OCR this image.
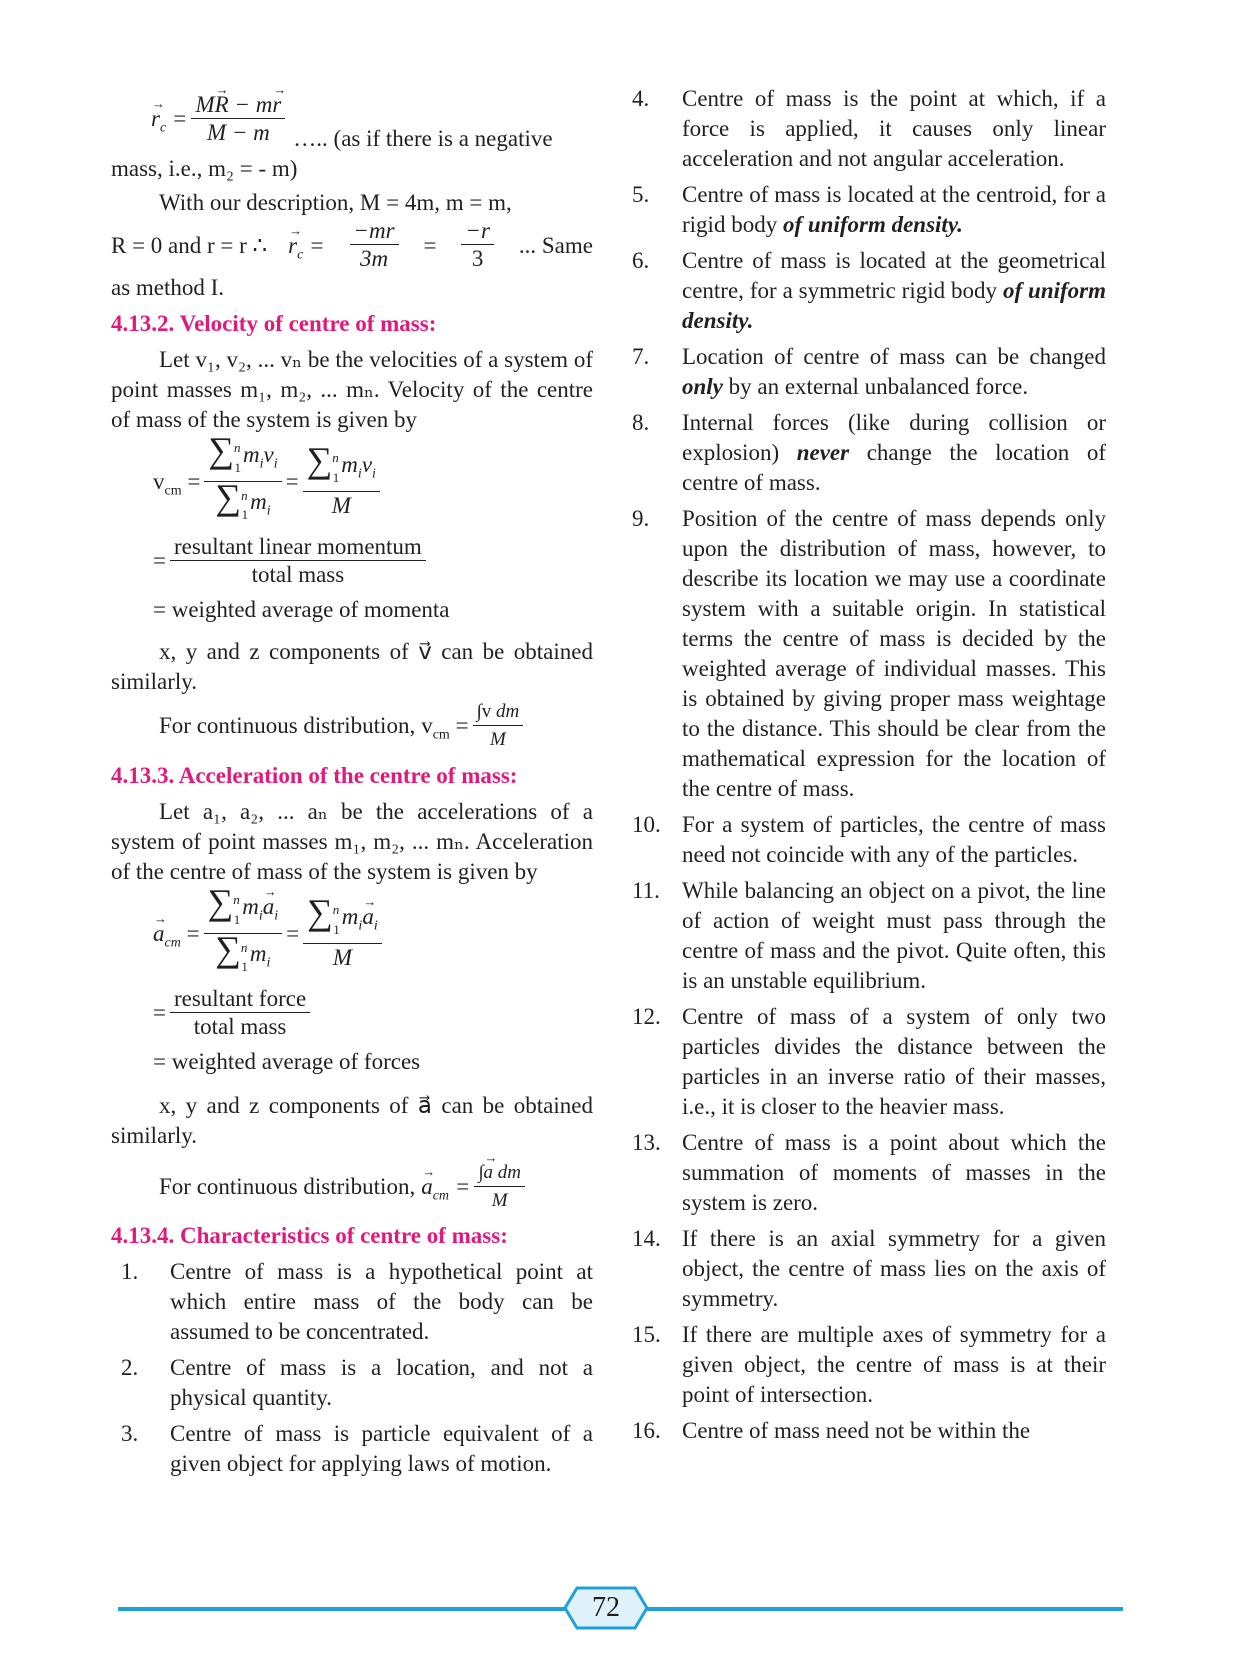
→ $r_c = \frac{M\to R - m\to r}{M - m}$ ….. (as if there is a negative

mass, i.e., m₂ = - m)

With our description, M = 4m, m = m,

R = 0 and r = r ∴ → $r_c = \frac{-mr}{3m} = \frac{-r}{3}$ ... Same

as method I.

4.13.2. Velocity of centre of mass:

Let v₁, v₂, ... vₙ be the velocities of a system of point masses m₁, m₂, ... mₙ. Velocity of the centre of mass of the system is given by

$v_{cm} = \frac{\sum^n_1m_iv_i}{\sum^n_1m_i} = \frac{\sum^n_1m_iv_i}{M}$
= $\frac{\text{resultant linear momentum}}{\text{total mass}}$

= weighted average of momenta

x, y and z components of v⃗ can be obtained similarly.

For continuous distribution, $v_{cm} = \frac{\text{∫v dm}}{M}$

4.13.3. Acceleration of the centre of mass:

Let a₁, a₂, ... aₙ be the accelerations of a system of point masses m₁, m₂, ... mₙ. Acceleration of the centre of mass of the system is given by

→ $a_{cm} = \frac{\sum^n_1m_i\to a_i}{\sum^n_1m_i} = \frac{\sum^n_1m_i\to a_i}{M}$
= $\frac{\text{resultant force}}{\text{total mass}}$

= weighted average of forces

x, y and z components of a⃗ can be obtained similarly.

For continuous distribution, → $a_{cm} = \frac{\text{∫→ a dm}}{M}$

4.13.4. Characteristics of centre of mass:

1.	Centre of mass is a hypothetical point at which entire mass of the body can be assumed to be concentrated.
2.	Centre of mass is a location, and not a physical quantity.
3.	Centre of mass is particle equivalent of a given object for applying laws of motion.
4.	Centre of mass is the point at which, if a force is applied, it causes only linear acceleration and not angular acceleration.
5.	Centre of mass is located at the centroid, for a rigid body of uniform density.
6.	Centre of mass is located at the geometrical centre, for a symmetric rigid body of uniform density.
7.	Location of centre of mass can be changed only by an external unbalanced force.
8.	Internal forces (like during collision or explosion) never change the location of centre of mass.
9.	Position of the centre of mass depends only upon the distribution of mass, however, to describe its location we may use a coordinate system with a suitable origin. In statistical terms the centre of mass is decided by the weighted average of individual masses. This is obtained by giving proper mass weightage to the distance. This should be clear from the mathematical expression for the location of the centre of mass.
10. For a system of particles, the centre of mass need not coincide with any of the particles.
11. While balancing an object on a pivot, the line of action of weight must pass through the centre of mass and the pivot. Quite often, this is an unstable equilibrium.
12. Centre of mass of a system of only two particles divides the distance between the particles in an inverse ratio of their masses, i.e., it is closer to the heavier mass.
13. Centre of mass is a point about which the summation of moments of masses in the system is zero.
14. If there is an axial symmetry for a given object, the centre of mass lies on the axis of symmetry.
15. If there are multiple axes of symmetry for a given object, the centre of mass is at their point of intersection.
16. Centre of mass need not be within the
72
